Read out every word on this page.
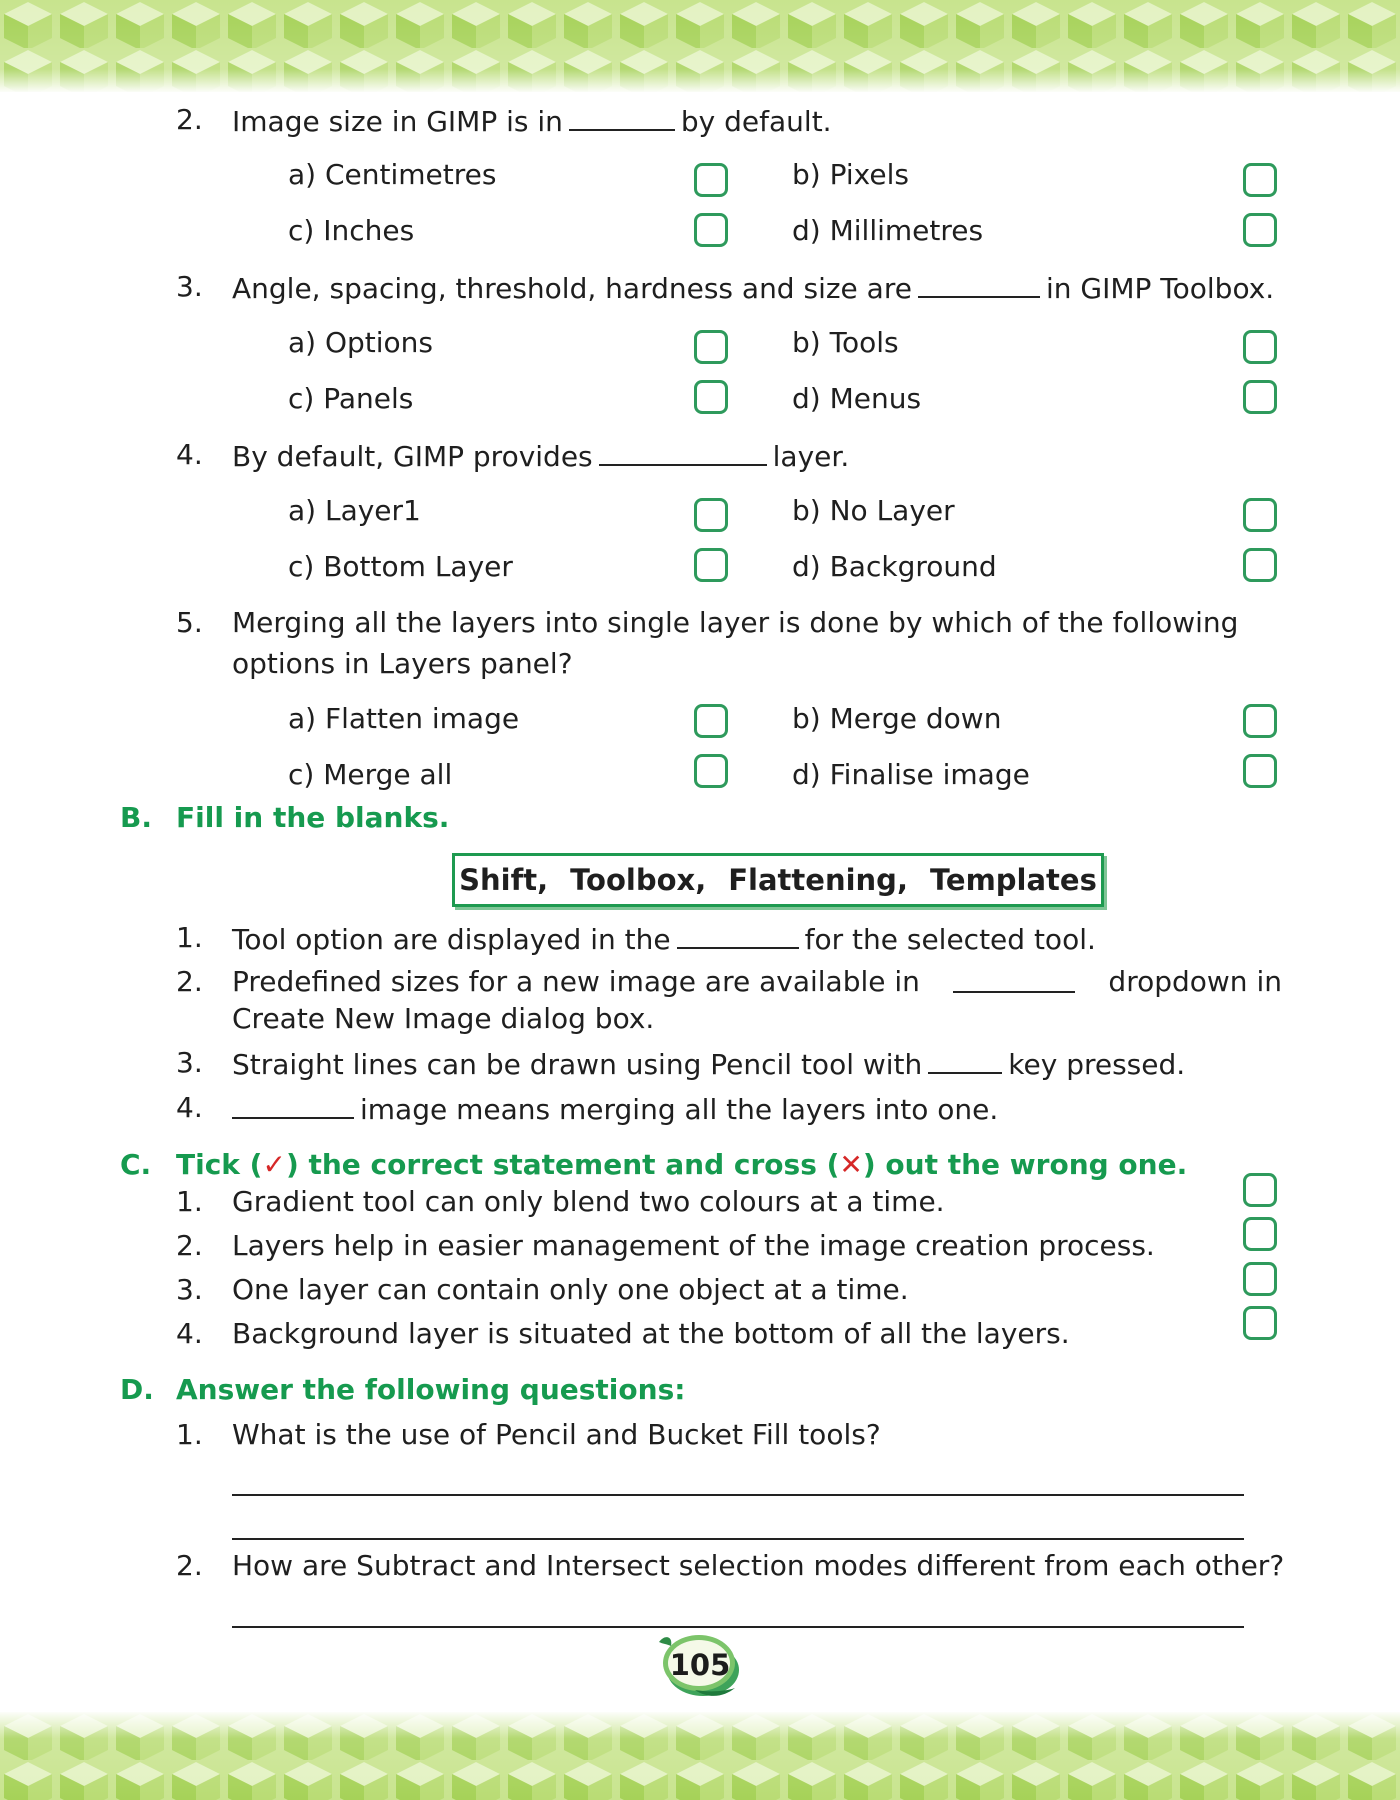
2. Image size in GIMP is in	by default.
a) Centimetres	b) Pixels
c) Inches	d) Millimetres
3. Angle, spacing, threshold, hardness and size are	in GIMP Toolbox.
a) Options	b) Tools
c) Panels	d) Menus
4. By default, GIMP provides	layer.
a) Layer1	b) No Layer
c) Bottom Layer	d) Background
5. Merging all the layers into single layer is done by which of the following
options in Layers panel?
a) Flatten image	b) Merge down
c) Merge all	d) Finalise image
B. Fill in the blanks.
Shift, Toolbox, Flattening, Templates
1. Tool option are displayed in the	for the selected tool.
2. Predefined sizes for a new image are available in	dropdown in
Create New Image dialog box.
3. Straight lines can be drawn using Pencil tool with	key pressed.
4.	image means merging all the layers into one.
C. Tick (✓) the correct statement and cross (✕) out the wrong one.
1. Gradient tool can only blend two colours at a time.
2. Layers help in easier management of the image creation process.
3. One layer can contain only one object at a time.
4. Background layer is situated at the bottom of all the layers.
D. Answer the following questions:
1. What is the use of Pencil and Bucket Fill tools?
2. How are Subtract and Intersect selection modes different from each other?
105
